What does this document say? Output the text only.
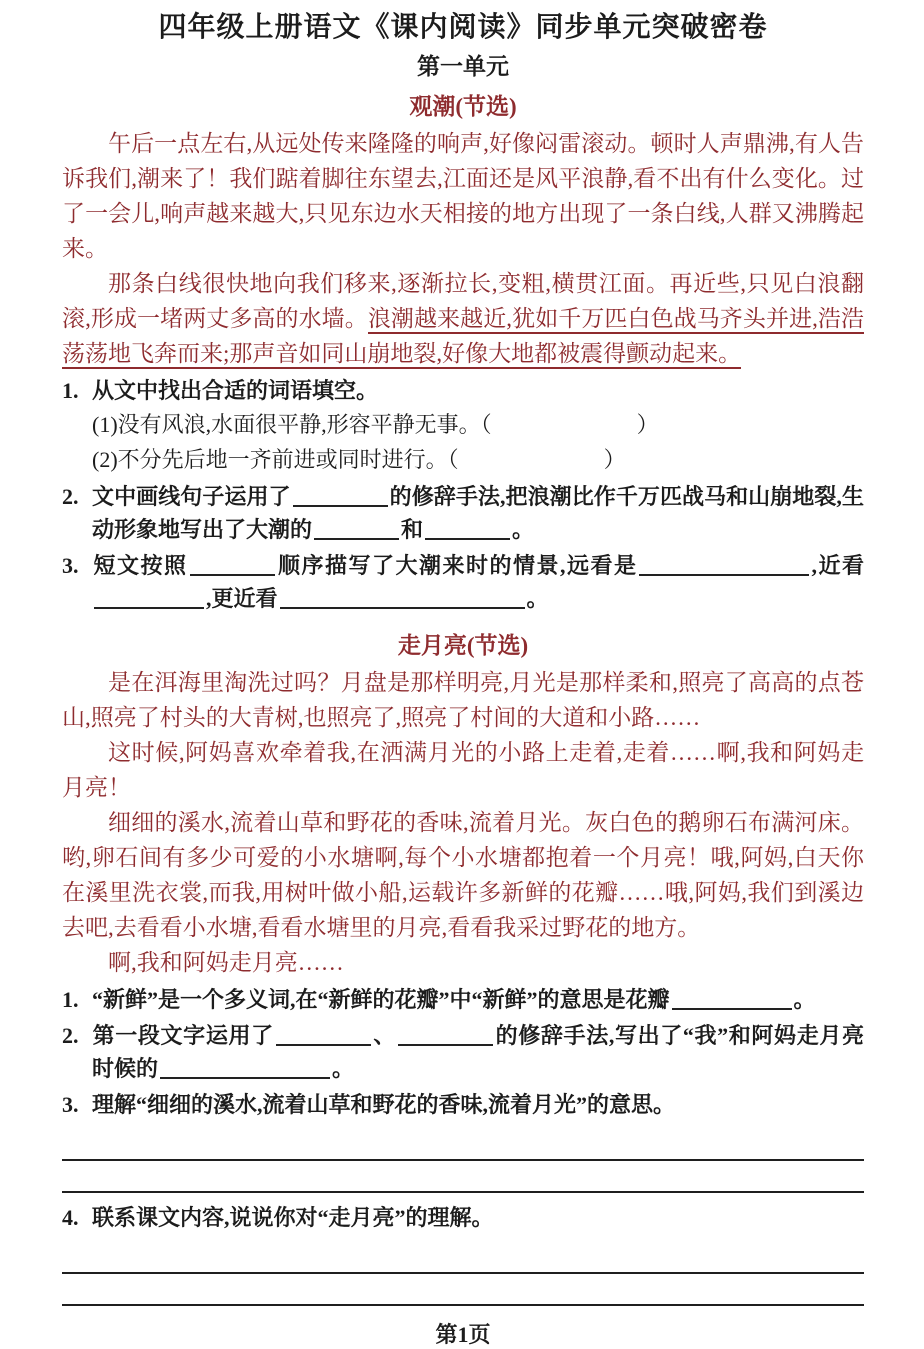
四年级上册语文《课内阅读》同步单元突破密卷
第一单元
观潮(节选)

午后一点左右,从远处传来隆隆的响声,好像闷雷滚动。顿时人声鼎沸,有人告诉我们,潮来了！我们踮着脚往东望去,江面还是风平浪静,看不出有什么变化。过了一会儿,响声越来越大,只见东边水天相接的地方出现了一条白线,人群又沸腾起来。

那条白线很快地向我们移来,逐渐拉长,变粗,横贯江面。再近些,只见白浪翻滚,形成一堵两丈多高的水墙。浪潮越来越近,犹如千万匹白色战马齐头并进,浩浩荡荡地飞奔而来;那声音如同山崩地裂,好像大地都被震得颤动起来。

1. 从文中找出合适的词语填空。
(1)没有风浪,水面很平静,形容平静无事。（	）
(2)不分先后地一齐前进或同时进行。（	）
2. 文中画线句子运用了	的修辞手法,把浪潮比作千万匹战马和山崩地裂,生动形象地写出了大潮的	和	。
3. 短文按照	顺序描写了大潮来时的情景,远看是	,近看,更近看	。
走月亮(节选)

是在洱海里淘洗过吗？月盘是那样明亮,月光是那样柔和,照亮了高高的点苍山,照亮了村头的大青树,也照亮了,照亮了村间的大道和小路……

这时候,阿妈喜欢牵着我,在洒满月光的小路上走着,走着……啊,我和阿妈走月亮！

细细的溪水,流着山草和野花的香味,流着月光。灰白色的鹅卵石布满河床。哟,卵石间有多少可爱的小水塘啊,每个小水塘都抱着一个月亮！哦,阿妈,白天你在溪里洗衣裳,而我,用树叶做小船,运载许多新鲜的花瓣……哦,阿妈,我们到溪边去吧,去看看小水塘,看看水塘里的月亮,看看我采过野花的地方。

啊,我和阿妈走月亮……

1. “新鲜”是一个多义词,在“新鲜的花瓣”中“新鲜”的意思是花瓣	。
2. 第一段文字运用了	、	的修辞手法,写出了“我”和阿妈走月亮时候的	。
3. 理解“细细的溪水,流着山草和野花的香味,流着月光”的意思。
4. 联系课文内容,说说你对“走月亮”的理解。
第1页
